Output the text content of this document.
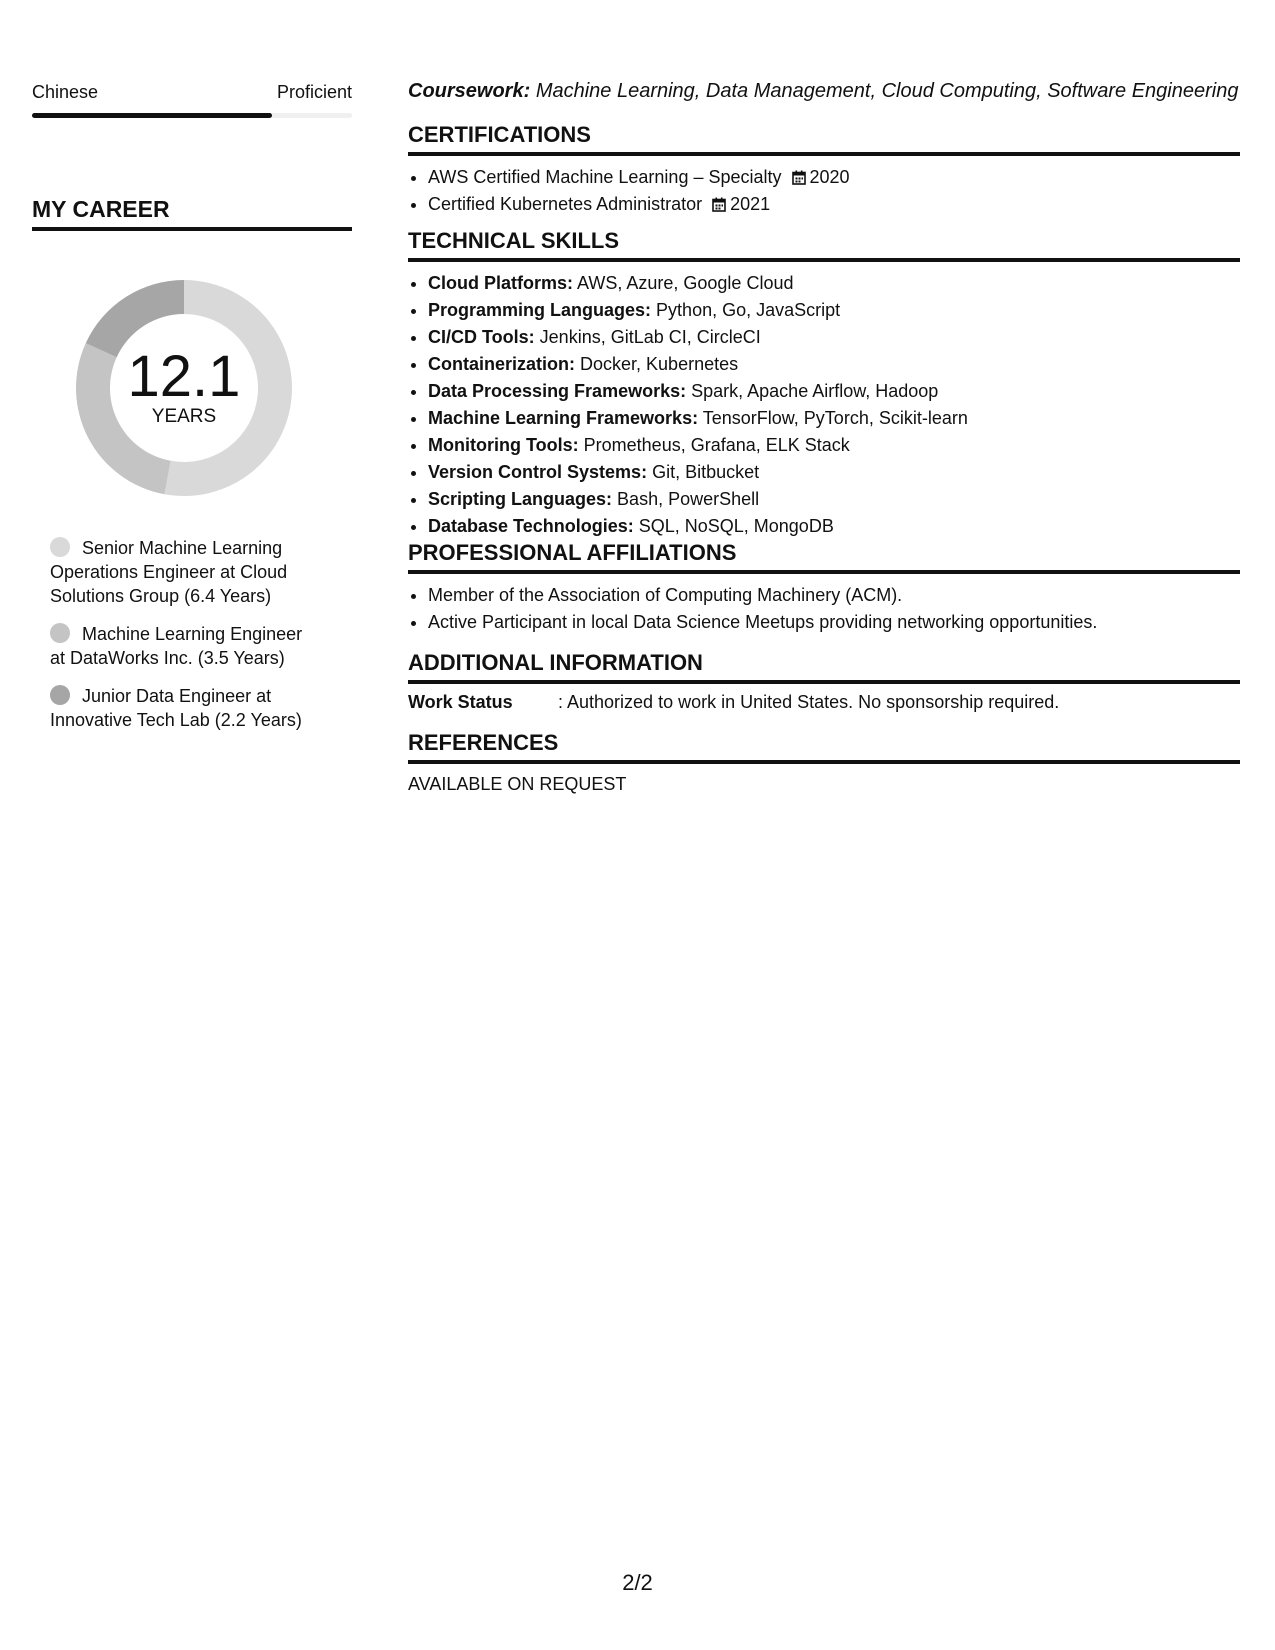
Chinese	Proficient
MY CAREER
12.1
YEARS
Senior Machine Learning Operations Engineer at Cloud Solutions Group (6.4 Years)
Machine Learning Engineer at DataWorks Inc. (3.5 Years)
Junior Data Engineer at Innovative Tech Lab (2.2 Years)
Coursework: Machine Learning, Data Management, Cloud Computing, Software Engineering
CERTIFICATIONS
• AWS Certified Machine Learning – Specialty 2020
• Certified Kubernetes Administrator 2021
TECHNICAL SKILLS
• Cloud Platforms: AWS, Azure, Google Cloud
• Programming Languages: Python, Go, JavaScript
• CI/CD Tools: Jenkins, GitLab CI, CircleCI
• Containerization: Docker, Kubernetes
• Data Processing Frameworks: Spark, Apache Airflow, Hadoop
• Machine Learning Frameworks: TensorFlow, PyTorch, Scikit-learn
• Monitoring Tools: Prometheus, Grafana, ELK Stack
• Version Control Systems: Git, Bitbucket
• Scripting Languages: Bash, PowerShell
• Database Technologies: SQL, NoSQL, MongoDB
PROFESSIONAL AFFILIATIONS
• Member of the Association of Computing Machinery (ACM).
• Active Participant in local Data Science Meetups providing networking opportunities.
ADDITIONAL INFORMATION
Work Status	: Authorized to work in United States. No sponsorship required.
REFERENCES
AVAILABLE ON REQUEST
2/2
